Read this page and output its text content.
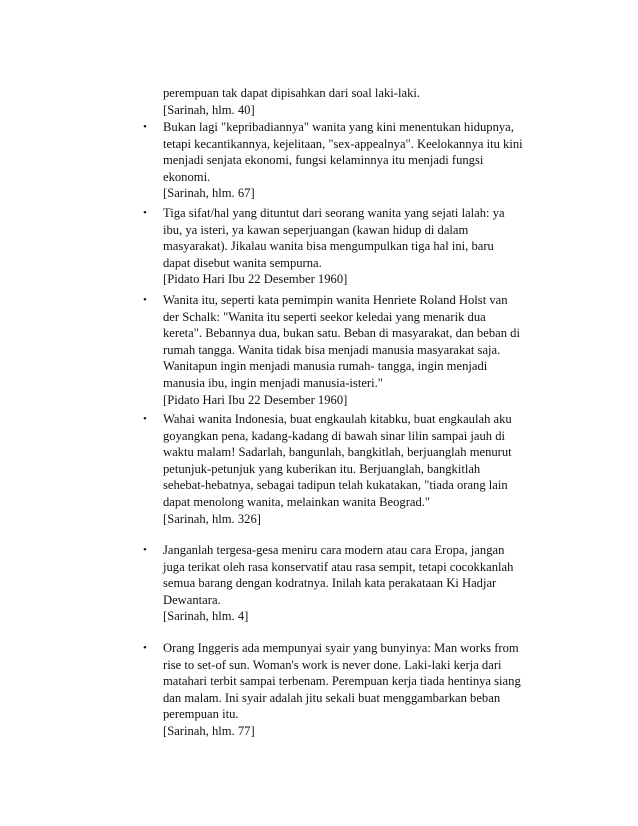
perempuan tak dapat dipisahkan dari soal laki-laki.
[Sarinah, hlm. 40]
• Bukan lagi "kepribadiannya" wanita yang kini menentukan hidupnya,
tetapi kecantikannya, kejelitaan, "sex-appealnya". Keelokannya itu kini
menjadi senjata ekonomi, fungsi kelaminnya itu menjadi fungsi
ekonomi.
[Sarinah, hlm. 67]
• Tiga sifat/hal yang dituntut dari seorang wanita yang sejati lalah: ya
ibu, ya isteri, ya kawan seperjuangan (kawan hidup di dalam
masyarakat). Jikalau wanita bisa mengumpulkan tiga hal ini, baru
dapat disebut wanita sempurna.
[Pidato Hari Ibu 22 Desember 1960]
• Wanita itu, seperti kata pemimpin wanita Henriete Roland Holst van
der Schalk: "Wanita itu seperti seekor keledai yang menarik dua
kereta". Bebannya dua, bukan satu. Beban di masyarakat, dan beban di
rumah tangga. Wanita tidak bisa menjadi manusia masyarakat saja.
Wanitapun ingin menjadi manusia rumah- tangga, ingin menjadi
manusia ibu, ingin menjadi manusia-isteri."
[Pidato Hari Ibu 22 Desember 1960]
• Wahai wanita Indonesia, buat engkaulah kitabku, buat engkaulah aku
goyangkan pena, kadang-kadang di bawah sinar lilin sampai jauh di
waktu malam! Sadarlah, bangunlah, bangkitlah, berjuanglah menurut
petunjuk-petunjuk yang kuberikan itu. Berjuanglah, bangkitlah
sehebat-hebatnya, sebagai tadipun telah kukatakan, "tiada orang lain
dapat menolong wanita, melainkan wanita Beograd."
[Sarinah, hlm. 326]
• Janganlah tergesa-gesa meniru cara modern atau cara Eropa, jangan
juga terikat oleh rasa konservatif atau rasa sempit, tetapi cocokkanlah
semua barang dengan kodratnya. Inilah kata perakataan Ki Hadjar
Dewantara.
[Sarinah, hlm. 4]
• Orang Inggeris ada mempunyai syair yang bunyinya: Man works from
rise to set-of sun. Woman's work is never done. Laki-laki kerja dari
matahari terbit sampai terbenam. Perempuan kerja tiada hentinya siang
dan malam. Ini syair adalah jitu sekali buat menggambarkan beban
perempuan itu.
[Sarinah, hlm. 77]
